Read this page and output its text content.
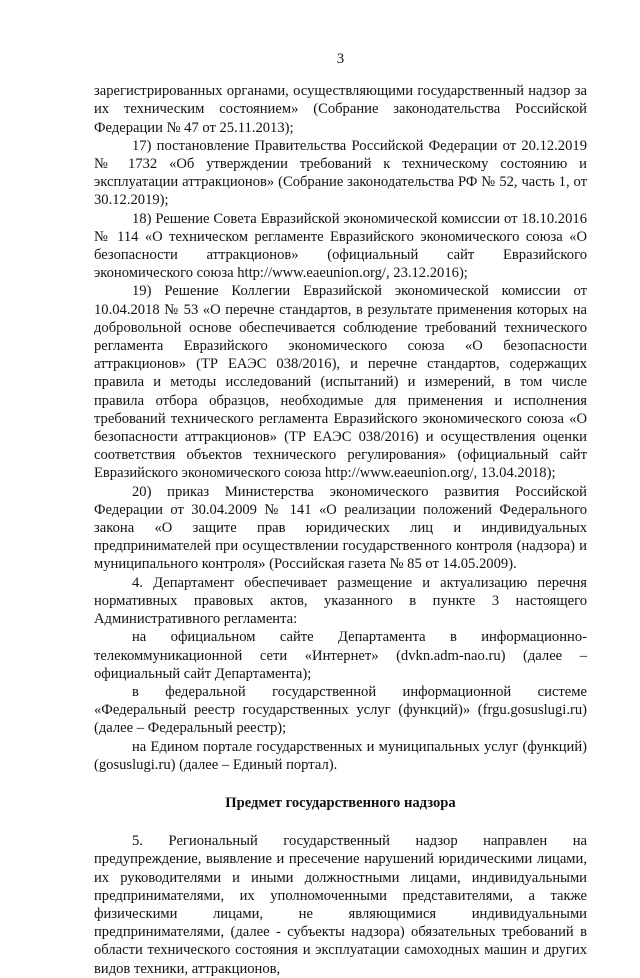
3

зарегистрированных органами, осуществляющими государственный надзор за их техническим состоянием» (Собрание законодательства Российской Федерации № 47 от 25.11.2013);

17) постановление Правительства Российской Федерации от 20.12.2019 № 1732 «Об утверждении требований к техническому состоянию и эксплуатации аттракционов» (Собрание законодательства РФ № 52, часть 1, от 30.12.2019);

18) Решение Совета Евразийской экономической комиссии от 18.10.2016 № 114 «О техническом регламенте Евразийского экономического союза «О безопасности аттракционов» (официальный сайт Евразийского экономического союза http://www.eaeunion.org/, 23.12.2016);

19) Решение Коллегии Евразийской экономической комиссии от 10.04.2018 № 53 «О перечне стандартов, в результате применения которых на добровольной основе обеспечивается соблюдение требований технического регламента Евразийского экономического союза «О безопасности аттракционов» (ТР ЕАЭС 038/2016), и перечне стандартов, содержащих правила и методы исследований (испытаний) и измерений, в том числе правила отбора образцов, необходимые для применения и исполнения требований технического регламента Евразийского экономического союза «О безопасности аттракционов» (ТР ЕАЭС 038/2016) и осуществления оценки соответствия объектов технического регулирования» (официальный сайт Евразийского экономического союза http://www.eaeunion.org/, 13.04.2018);

20) приказ Министерства экономического развития Российской Федерации от 30.04.2009 № 141 «О реализации положений Федерального закона «О защите прав юридических лиц и индивидуальных предпринимателей при осуществлении государственного контроля (надзора) и муниципального контроля» (Российская газета № 85 от 14.05.2009).

4. Департамент обеспечивает размещение и актуализацию перечня нормативных правовых актов, указанного в пункте 3 настоящего Административного регламента:

на официальном сайте Департамента в информационно-телекоммуникационной сети «Интернет» (dvkn.adm-nao.ru) (далее – официальный сайт Департамента);

в федеральной государственной информационной системе «Федеральный реестр государственных услуг (функций)» (frgu.gosuslugi.ru) (далее – Федеральный реестр);

на Едином портале государственных и муниципальных услуг (функций) (gosuslugi.ru) (далее – Единый портал).

Предмет государственного надзора

5. Региональный государственный надзор направлен на предупреждение, выявление и пресечение нарушений юридическими лицами, их руководителями и иными должностными лицами, индивидуальными предпринимателями, их уполномоченными представителями, а также физическими лицами, не являющимися индивидуальными предпринимателями, (далее - субъекты надзора) обязательных требований в области технического состояния и эксплуатации самоходных машин и других видов техники, аттракционов,
